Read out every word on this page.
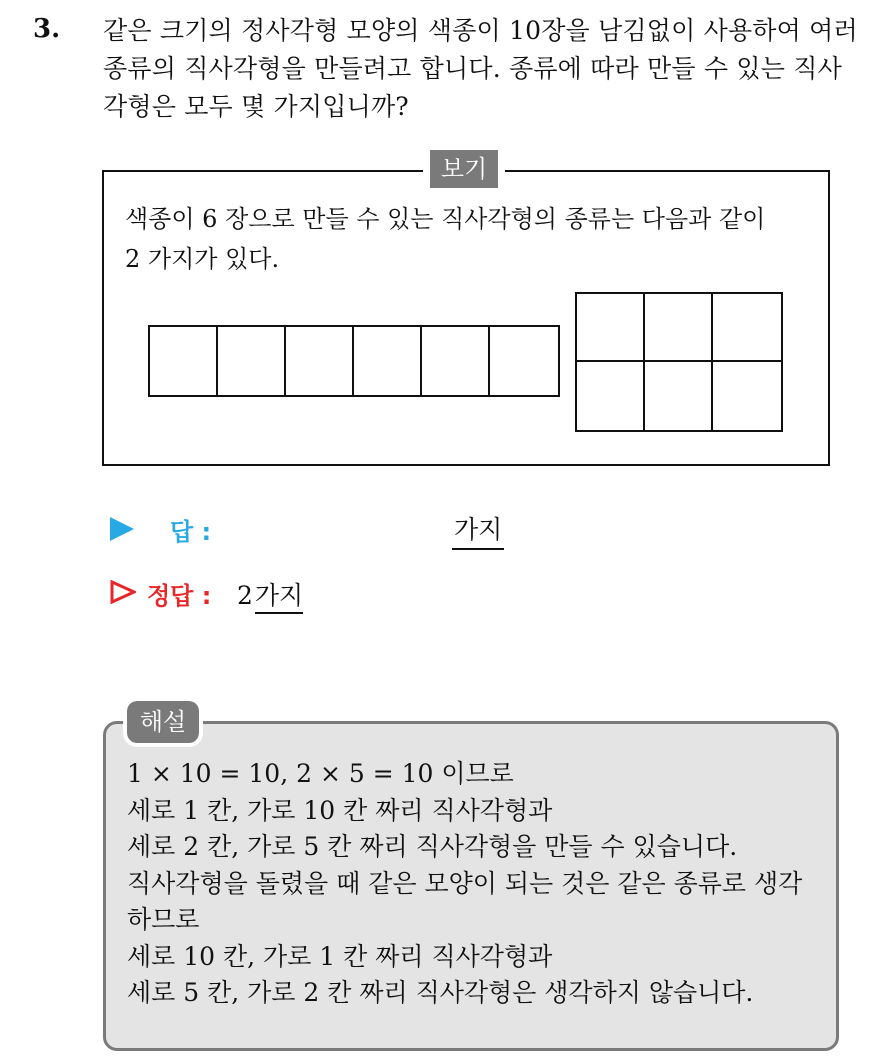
3. 같은 크기의 정사각형 모양의 색종이 10장을 남김없이 사용하여 여러
종류의 직사각형을 만들려고 합니다. 종류에 따라 만들 수 있는 직사
각형은 모두 몇 가지입니까?
보기
색종이 6 장으로 만들 수 있는 직사각형의 종류는 다음과 같이
2 가지가 있다.
답 :	가지
정답 : 2가지
해설
1 × 10 = 10, 2 × 5 = 10 이므로
세로 1 칸, 가로 10 칸 짜리 직사각형과
세로 2 칸, 가로 5 칸 짜리 직사각형을 만들 수 있습니다.
직사각형을 돌렸을 때 같은 모양이 되는 것은 같은 종류로 생각
하므로
세로 10 칸, 가로 1 칸 짜리 직사각형과
세로 5 칸, 가로 2 칸 짜리 직사각형은 생각하지 않습니다.
